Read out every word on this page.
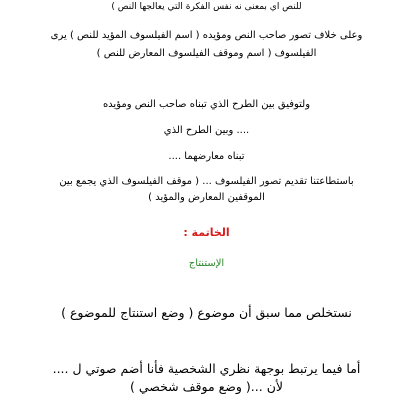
للنص اي بمعنى نه نفس الفكرة التي يعالجها النص )
وعلى خلاف تصور صاحب النص ومؤيده ( اسم الفيلسوف المؤيد للنص ) يرى
الفيلسوف ( اسم وموقف الفيلسوف المعارض للنص )
ولتوفيق بين الطرح الذي تبناه صاحب النص ومؤيده
.... وبين الطرح الذي
تبناه معارضهما ....
باستطاعتنا تقديم تصور الفيلسوف ... ( موقف الفيلسوف الذي يجمع بين
الموقفين المعارض والمؤيد )
الخاتمة :
الإستنتاج
نستخلص مما سبق أن موضوع ( وضع استنتاج للموضوع )
أما فيما يرتبط بوجهة نظري الشخصية فأنا أضم صوتي ل ....
لأن ...( وضع موقف شخصي )
